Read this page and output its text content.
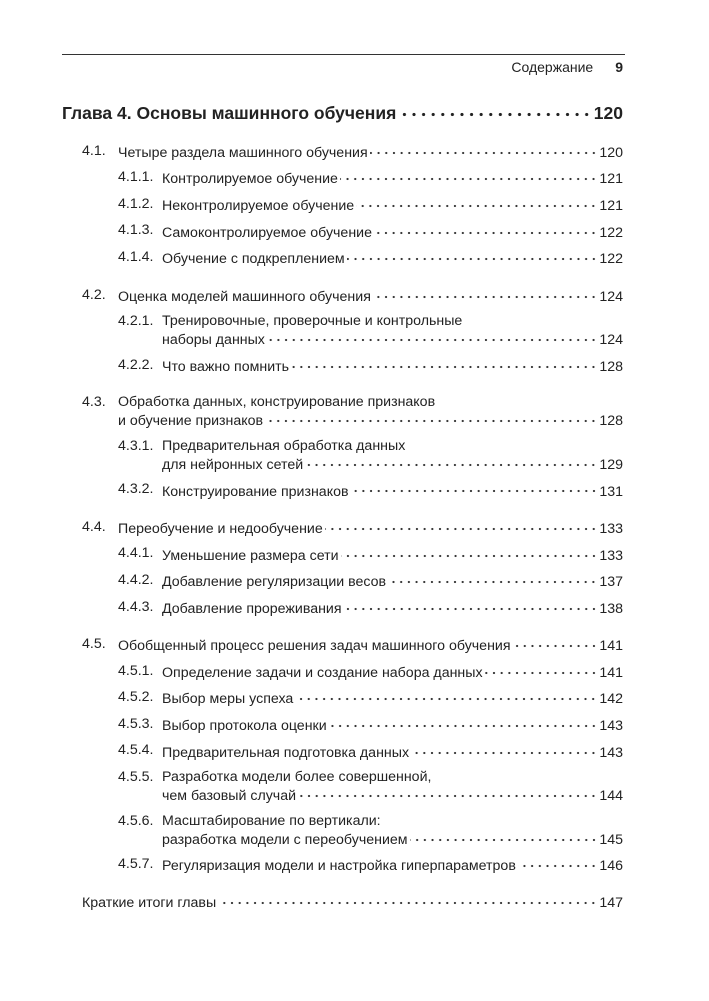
Содержание 9
Глава 4. Основы машинного обучения	120
4.1. Четыре раздела машинного обучения	120
4.1.1. Контролируемое обучение	121
4.1.2. Неконтролируемое обучение	121
4.1.3. Самоконтролируемое обучение	122
4.1.4. Обучение с подкреплением	122
4.2. Оценка моделей машинного обучения	124
4.2.1. Тренировочные, проверочные и контрольные
наборы данных	124
4.2.2. Что важно помнить	128
4.3. Обработка данных, конструирование признаков
и обучение признаков	128
4.3.1. Предварительная обработка данных
для нейронных сетей	129
4.3.2. Конструирование признаков	131
4.4. Переобучение и недообучение	133
4.4.1. Уменьшение размера сети	133
4.4.2. Добавление регуляризации весов	137
4.4.3. Добавление прореживания	138
4.5. Обобщенный процесс решения задач машинного обучения	141
4.5.1. Определение задачи и создание набора данных	141
4.5.2. Выбор меры успеха	142
4.5.3. Выбор протокола оценки	143
4.5.4. Предварительная подготовка данных	143
4.5.5. Разработка модели более совершенной,
чем базовый случай	144
4.5.6. Масштабирование по вертикали:
разработка модели с переобучением	145
4.5.7. Регуляризация модели и настройка гиперпараметров	146
Краткие итоги главы	147
